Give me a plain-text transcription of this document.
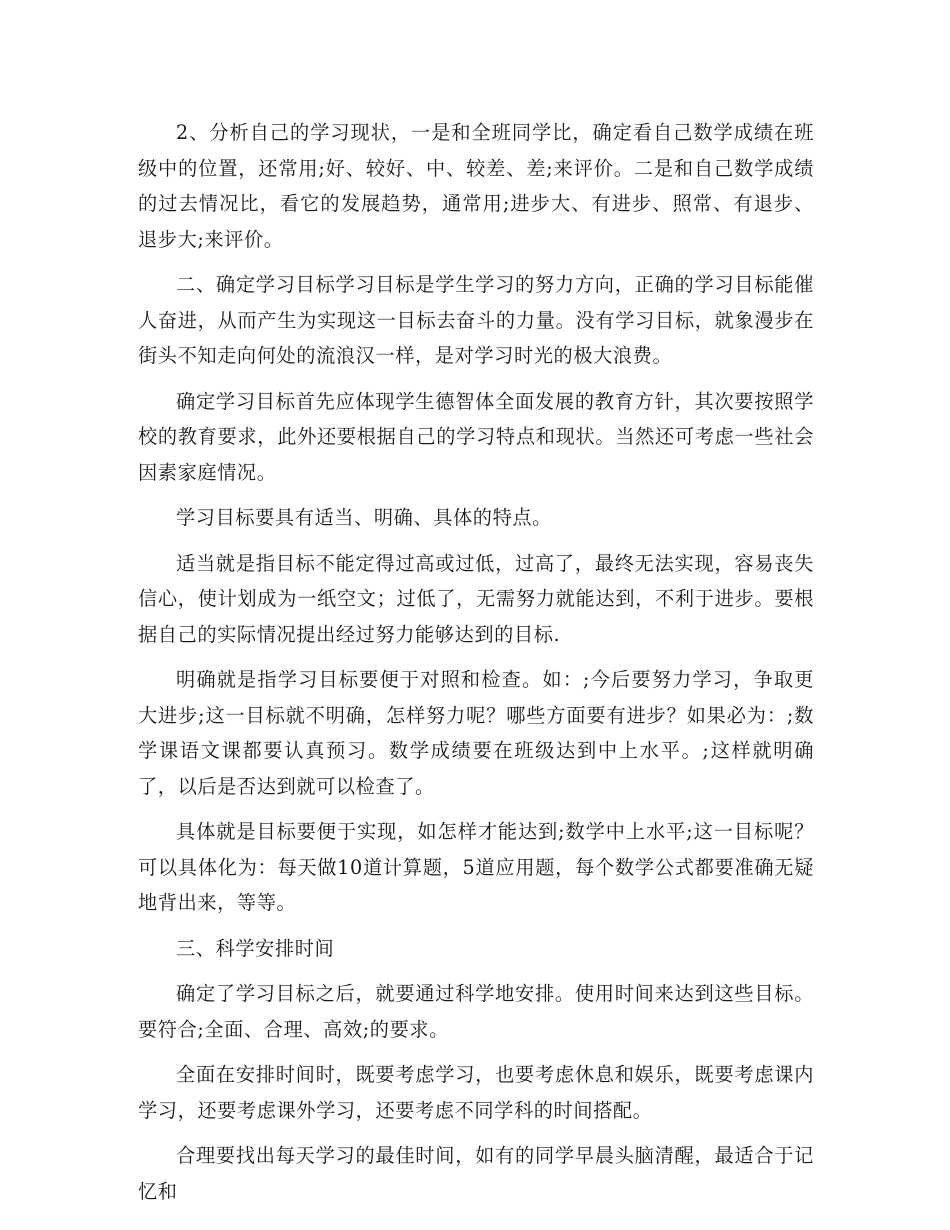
2、分析自己的学习现状，一是和全班同学比，确定看自己数学成绩在班级中的位置，还常用;好、较好、中、较差、差;来评价。二是和自己数学成绩的过去情况比，看它的发展趋势，通常用;进步大、有进步、照常、有退步、退步大;来评价。

二、确定学习目标学习目标是学生学习的努力方向，正确的学习目标能催人奋进，从而产生为实现这一目标去奋斗的力量。没有学习目标，就象漫步在街头不知走向何处的流浪汉一样，是对学习时光的极大浪费。

确定学习目标首先应体现学生德智体全面发展的教育方针，其次要按照学校的教育要求，此外还要根据自己的学习特点和现状。当然还可考虑一些社会因素家庭情况。

学习目标要具有适当、明确、具体的特点。

适当就是指目标不能定得过高或过低，过高了，最终无法实现，容易丧失信心，使计划成为一纸空文；过低了，无需努力就能达到，不利于进步。要根据自己的实际情况提出经过努力能够达到的目标.

明确就是指学习目标要便于对照和检查。如：;今后要努力学习，争取更大进步;这一目标就不明确，怎样努力呢？哪些方面要有进步？如果必为：;数学课语文课都要认真预习。数学成绩要在班级达到中上水平。;这样就明确了，以后是否达到就可以检查了。

具体就是目标要便于实现，如怎样才能达到;数学中上水平;这一目标呢？可以具体化为：每天做10道计算题，5道应用题，每个数学公式都要准确无疑地背出来，等等。

三、科学安排时间

确定了学习目标之后，就要通过科学地安排。使用时间来达到这些目标。要符合;全面、合理、高效;的要求。

全面在安排时间时，既要考虑学习，也要考虑休息和娱乐，既要考虑课内学习，还要考虑课外学习，还要考虑不同学科的时间搭配。

合理要找出每天学习的最佳时间，如有的同学早晨头脑清醒，最适合于记忆和
